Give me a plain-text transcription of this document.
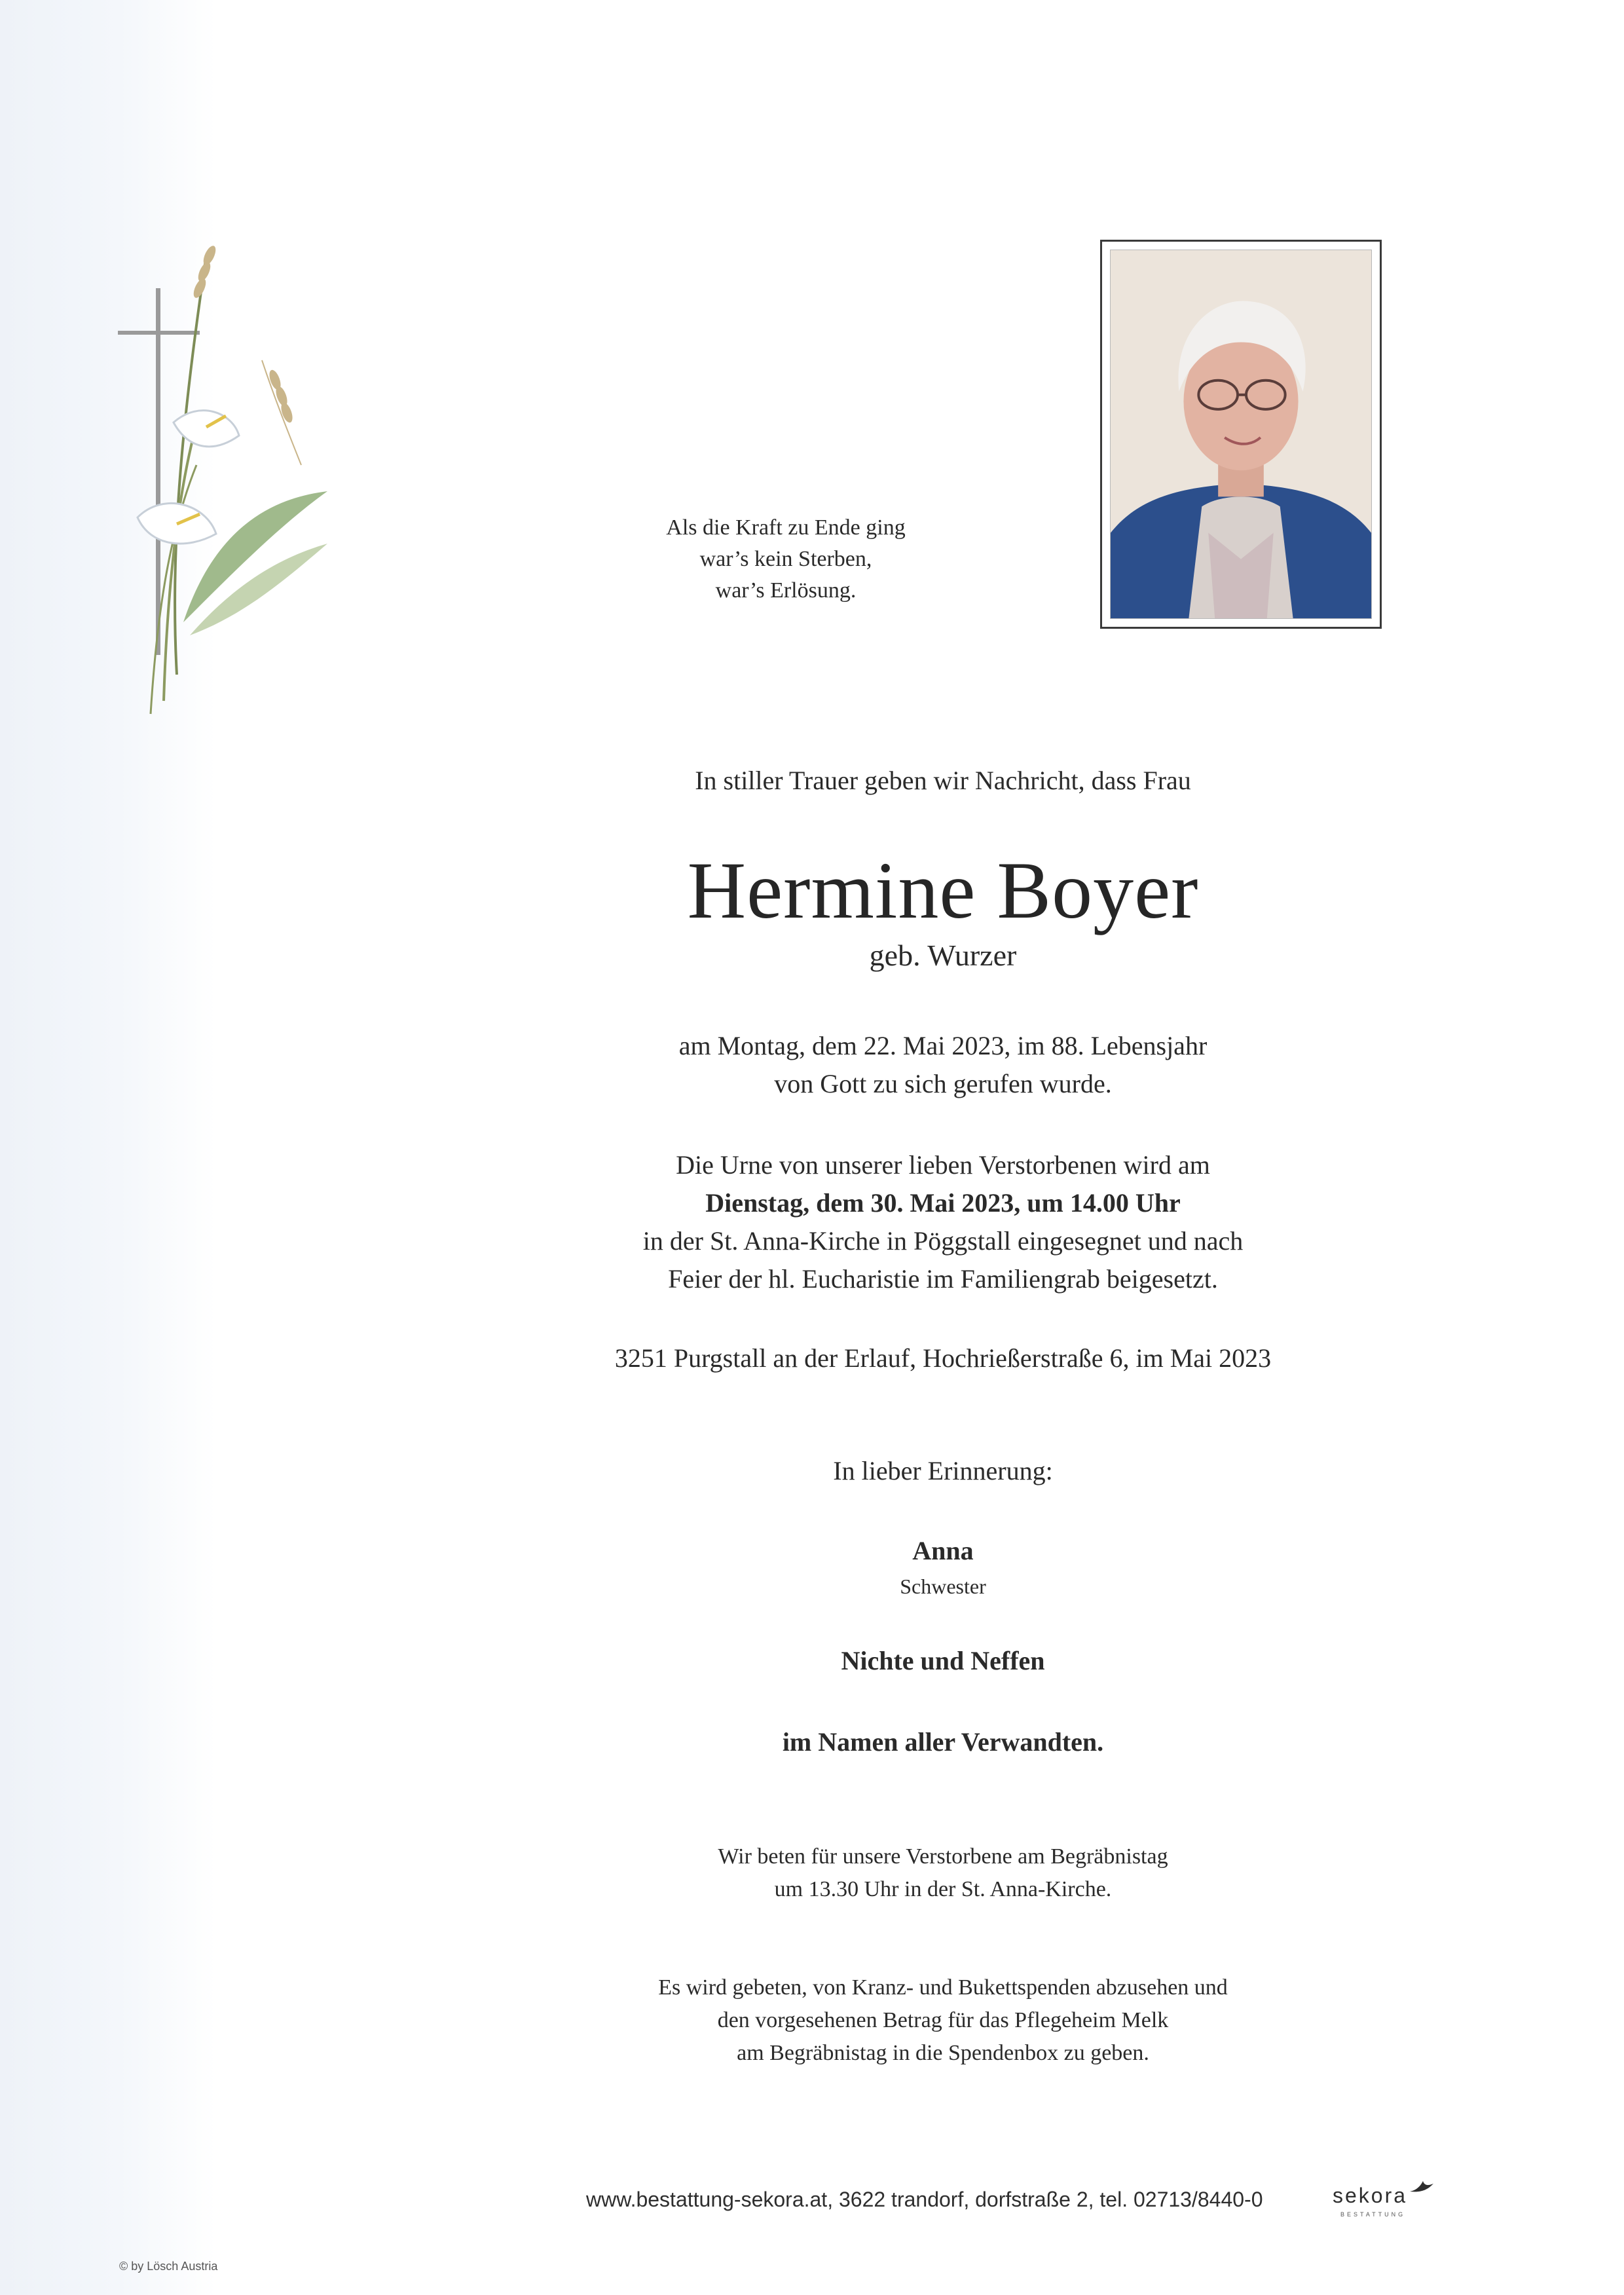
Als die Kraft zu Ende ging
war’s kein Sterben,
war’s Erlösung.
In stiller Trauer geben wir Nachricht, dass Frau
Hermine Boyer
geb. Wurzer
am Montag, dem 22. Mai 2023, im 88. Lebensjahr
von Gott zu sich gerufen wurde.
Die Urne von unserer lieben Verstorbenen wird am
Dienstag, dem 30. Mai 2023, um 14.00 Uhr
in der St. Anna-Kirche in Pöggstall eingesegnet und nach
Feier der hl. Eucharistie im Familiengrab beigesetzt.
3251 Purgstall an der Erlauf, Hochrießerstraße 6, im Mai 2023
In lieber Erinnerung:
Anna
Schwester
Nichte und Neffen
im Namen aller Verwandten.
Wir beten für unsere Verstorbene am Begräbnistag
um 13.30 Uhr in der St. Anna-Kirche.
Es wird gebeten, von Kranz- und Bukettspenden abzusehen und
den vorgesehenen Betrag für das Pflegeheim Melk
am Begräbnistag in die Spendenbox zu geben.
www.bestattung-sekora.at, 3622 trandorf, dorfstraße 2, tel. 02713/8440-0	sekora
BESTATTUNG
© by Lösch Austria
